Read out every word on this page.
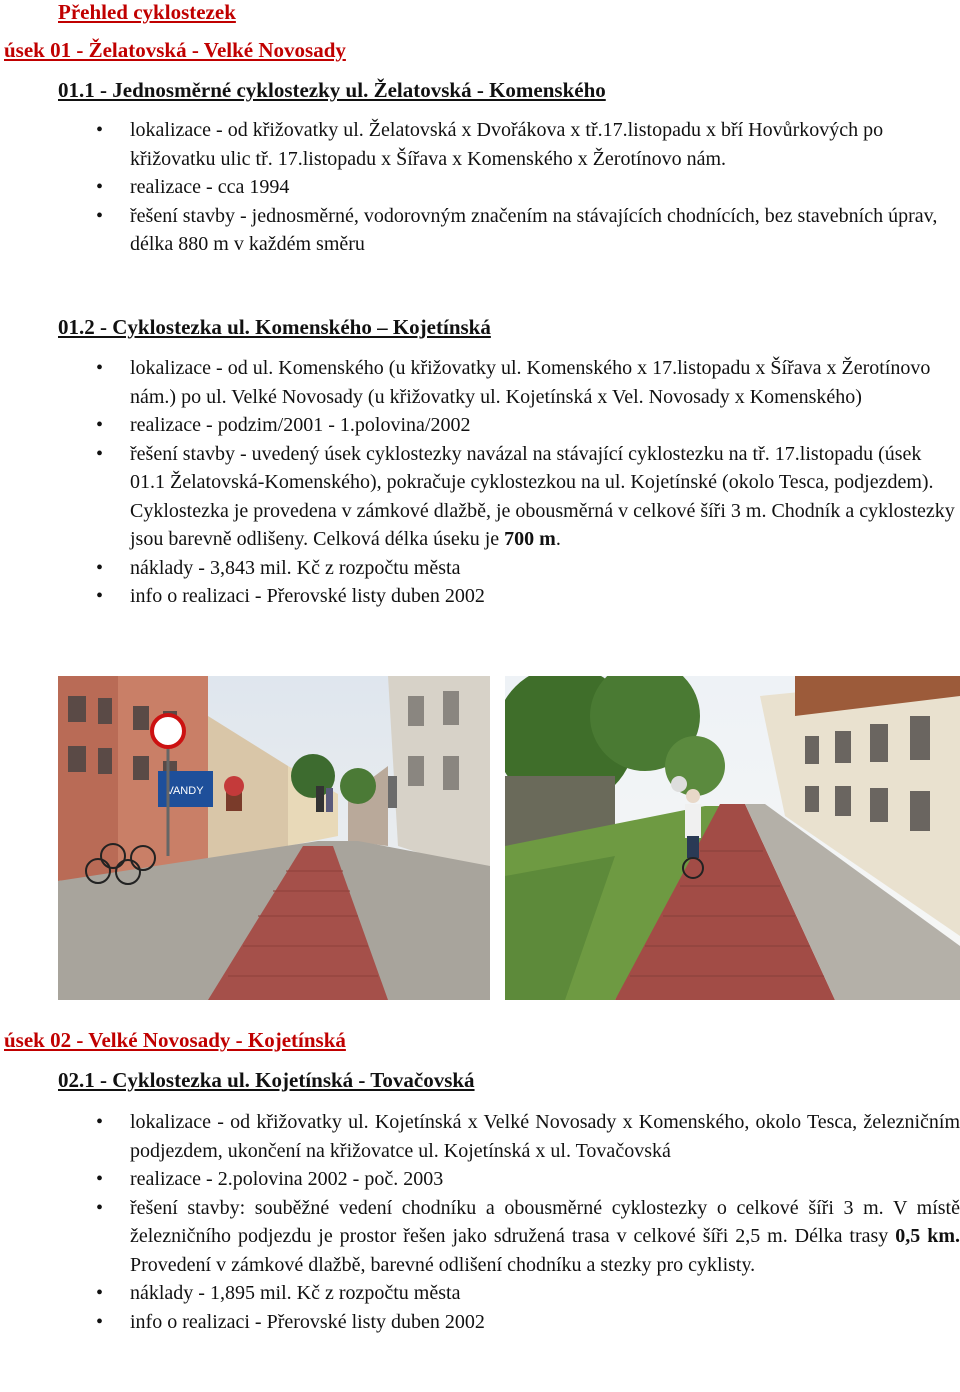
Přehled cyklostezek
úsek 01 - Želatovská - Velké Novosady
01.1 - Jednosměrné cyklostezky ul. Želatovská - Komenského
• lokalizace - od křižovatky ul. Želatovská x Dvořákova x tř.17.listopadu x bří Hovůrkových po křižovatku ulic tř. 17.listopadu x Šířava x Komenského x Žerotínovo nám.
• realizace - cca 1994
• řešení stavby - jednosměrné, vodorovným značením na stávajících chodnících, bez stavebních úprav, délka 880 m v každém směru
01.2 - Cyklostezka ul. Komenského – Kojetínská
• lokalizace - od ul. Komenského (u křižovatky ul. Komenského x 17.listopadu x Šířava x Žerotínovo nám.) po ul. Velké Novosady (u křižovatky ul. Kojetínská x Vel. Novosady x Komenského)
• realizace - podzim/2001 - 1.polovina/2002
• řešení stavby - uvedený úsek cyklostezky navázal na stávající cyklostezku na tř. 17.listopadu (úsek 01.1 Želatovská-Komenského), pokračuje cyklostezkou na ul. Kojetínské (okolo Tesca, podjezdem). Cyklostezka je provedena v zámkové dlažbě, je obousměrná v celkové šíři 3 m. Chodník a cyklostezky jsou barevně odlišeny. Celková délka úseku je 700 m.
• náklady - 3,843 mil. Kč z rozpočtu města
• info o realizaci - Přerovské listy duben 2002
VANDY
úsek 02 - Velké Novosady - Kojetínská
02.1 - Cyklostezka ul. Kojetínská - Tovačovská
• lokalizace - od křižovatky ul. Kojetínská x Velké Novosady x Komenského, okolo Tesca, železničním podjezdem, ukončení na křižovatce ul. Kojetínská x ul. Tovačovská
• realizace - 2.polovina 2002 - poč. 2003
• řešení stavby: souběžné vedení chodníku a obousměrné cyklostezky o celkové šíři 3 m. V místě železničního podjezdu je prostor řešen jako sdružená trasa v celkové šíři 2,5 m. Délka trasy 0,5 km. Provedení v zámkové dlažbě, barevné odlišení chodníku a stezky pro cyklisty.
• náklady - 1,895 mil. Kč z rozpočtu města
• info o realizaci - Přerovské listy duben 2002
